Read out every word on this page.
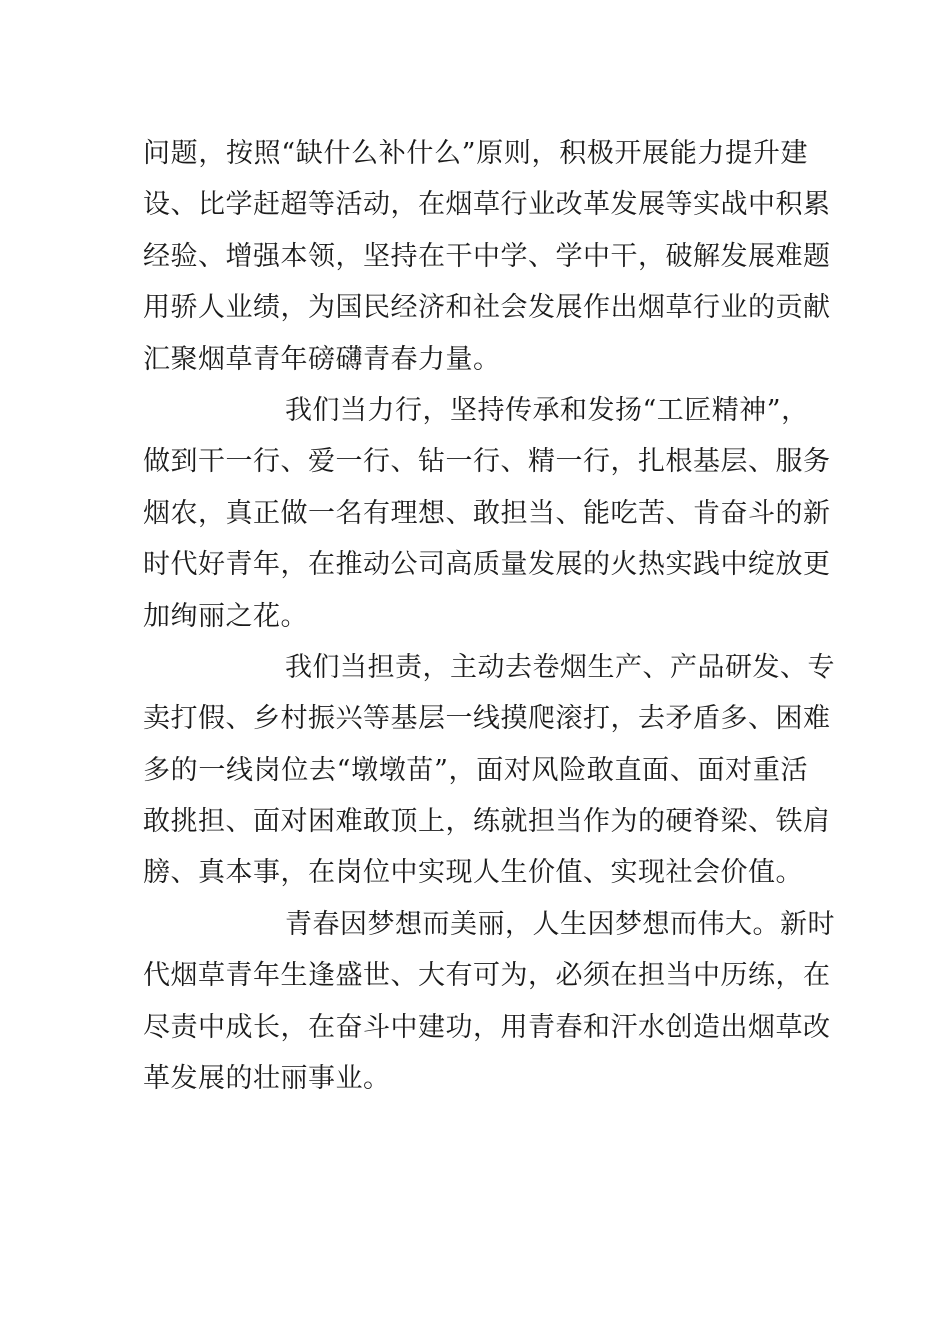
问题，按照“缺什么补什么”原则，积极开展能力提升建
设、比学赶超等活动，在烟草行业改革发展等实战中积累
经验、增强本领，坚持在干中学、学中干，破解发展难题
用骄人业绩，为国民经济和社会发展作出烟草行业的贡献
汇聚烟草青年磅礴青春力量。
我们当力行，坚持传承和发扬“工匠精神”，
做到干一行、爱一行、钻一行、精一行，扎根基层、服务
烟农，真正做一名有理想、敢担当、能吃苦、肯奋斗的新
时代好青年，在推动公司高质量发展的火热实践中绽放更
加绚丽之花。
我们当担责，主动去卷烟生产、产品研发、专
卖打假、乡村振兴等基层一线摸爬滚打，去矛盾多、困难
多的一线岗位去“墩墩苗”，面对风险敢直面、面对重活
敢挑担、面对困难敢顶上，练就担当作为的硬脊梁、铁肩
膀、真本事，在岗位中实现人生价值、实现社会价值。
青春因梦想而美丽，人生因梦想而伟大。新时
代烟草青年生逢盛世、大有可为，必须在担当中历练，在
尽责中成长，在奋斗中建功，用青春和汗水创造出烟草改
革发展的壮丽事业。
